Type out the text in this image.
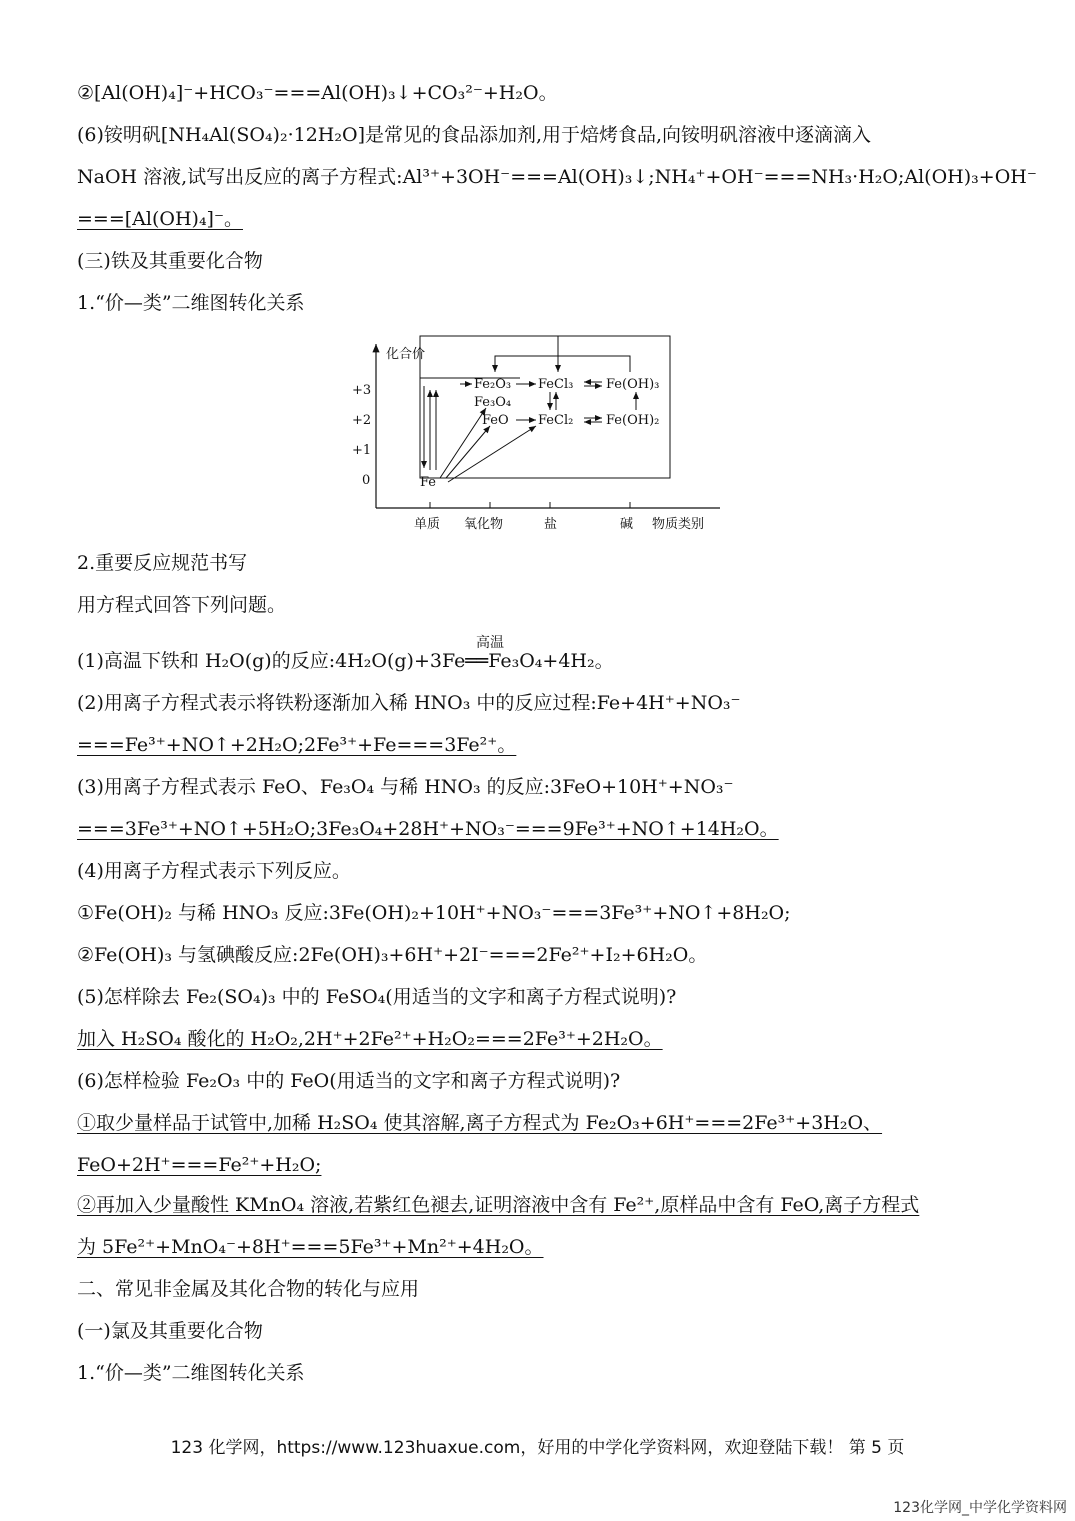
②[Al(OH)₄]⁻+HCO₃⁻===Al(OH)₃↓+CO₃²⁻+H₂O。
(6)铵明矾[NH₄Al(SO₄)₂·12H₂O]是常见的食品添加剂,用于焙烤食品,向铵明矾溶液中逐滴滴入
NaOH 溶液,试写出反应的离子方程式:Al³⁺+3OH⁻===Al(OH)₃↓;NH₄⁺+OH⁻===NH₃·H₂O;Al(OH)₃+OH⁻
===[Al(OH)₄]⁻。
(三)铁及其重要化合物
1.“价—类”二维图转化关系
化合价
+3
+2
+1
0
单质 氧化物	盐	碱 物质类别
Fe
Fe₂O₃
Fe₃O₄
FeO
FeCl₃
FeCl₂
Fe(OH)₃
Fe(OH)₂
2.重要反应规范书写
用方程式回答下列问题。
(1)高温下铁和 H₂O(g)的反应:4H₂O(g)+3Fe══Fe₃O₄+4H₂。
高温
(2)用离子方程式表示将铁粉逐渐加入稀 HNO₃ 中的反应过程:Fe+4H⁺+NO₃⁻
===Fe³⁺+NO↑+2H₂O;2Fe³⁺+Fe===3Fe²⁺。
(3)用离子方程式表示 FeO、Fe₃O₄ 与稀 HNO₃ 的反应:3FeO+10H⁺+NO₃⁻
===3Fe³⁺+NO↑+5H₂O;3Fe₃O₄+28H⁺+NO₃⁻===9Fe³⁺+NO↑+14H₂O。
(4)用离子方程式表示下列反应。
①Fe(OH)₂ 与稀 HNO₃ 反应:3Fe(OH)₂+10H⁺+NO₃⁻===3Fe³⁺+NO↑+8H₂O;
②Fe(OH)₃ 与氢碘酸反应:2Fe(OH)₃+6H⁺+2I⁻===2Fe²⁺+I₂+6H₂O。
(5)怎样除去 Fe₂(SO₄)₃ 中的 FeSO₄(用适当的文字和离子方程式说明)?
加入 H₂SO₄ 酸化的 H₂O₂,2H⁺+2Fe²⁺+H₂O₂===2Fe³⁺+2H₂O。
(6)怎样检验 Fe₂O₃ 中的 FeO(用适当的文字和离子方程式说明)?
①取少量样品于试管中,加稀 H₂SO₄ 使其溶解,离子方程式为 Fe₂O₃+6H⁺===2Fe³⁺+3H₂O、
FeO+2H⁺===Fe²⁺+H₂O;
②再加入少量酸性 KMnO₄ 溶液,若紫红色褪去,证明溶液中含有 Fe²⁺,原样品中含有 FeO,离子方程式
为 5Fe²⁺+MnO₄⁻+8H⁺===5Fe³⁺+Mn²⁺+4H₂O。
二、常见非金属及其化合物的转化与应用
(一)氯及其重要化合物
1.“价—类”二维图转化关系
123 化学网，https://www.123huaxue.com，好用的中学化学资料网，欢迎登陆下载！ 第 5 页
123化学网_中学化学资料网
